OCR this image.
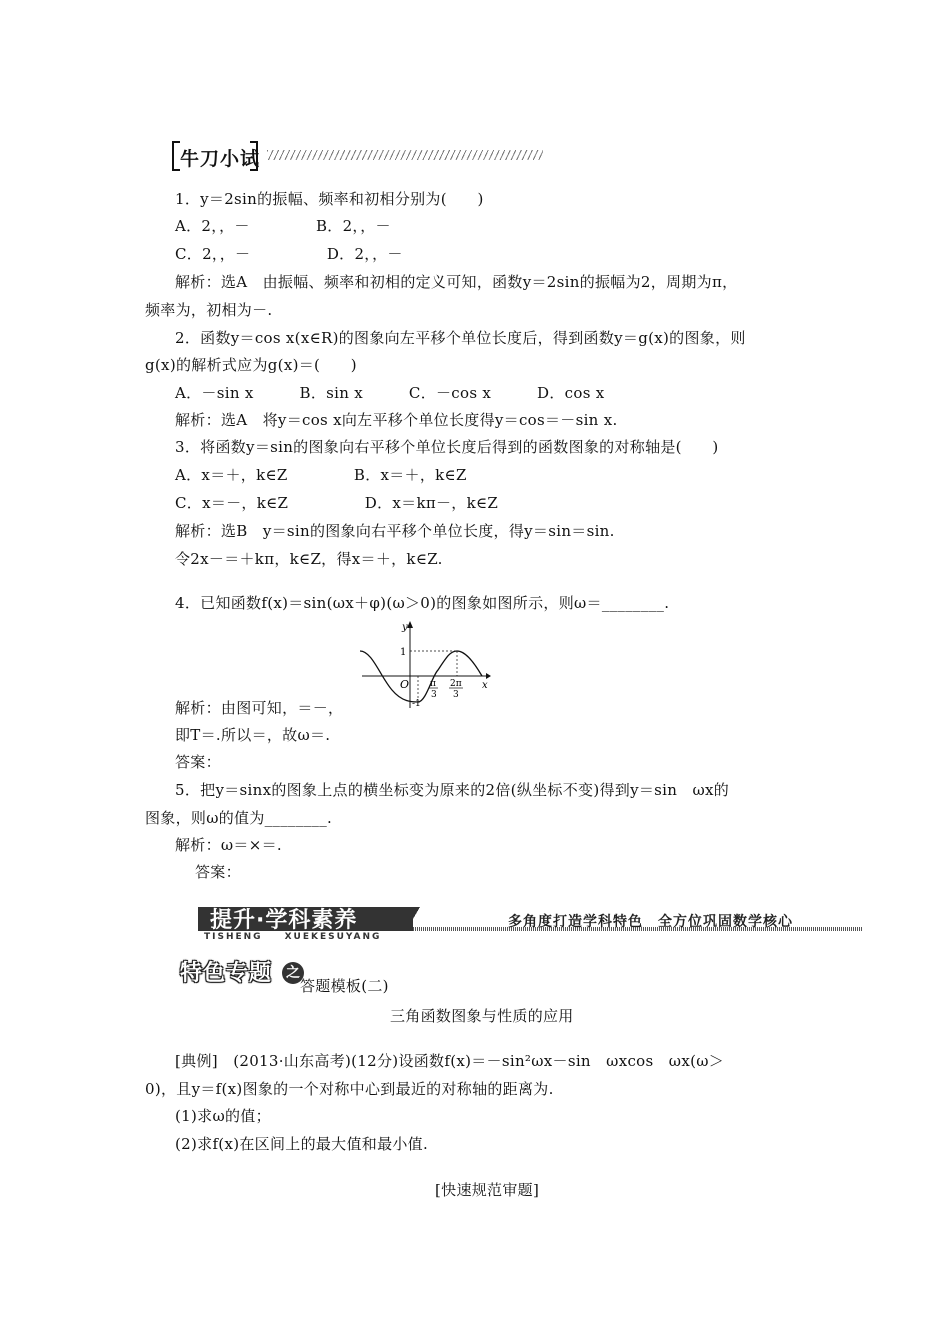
牛刀小试
1．y＝2sin的振幅、频率和初相分别为(　　)
A．2，，－　　　　 B．2，，－
C．2，，－　　　　　D．2，，－
解析：选A　由振幅、频率和初相的定义可知，函数y＝2sin的振幅为2，周期为π，
频率为，初相为－.
2．函数y＝cos x(x∈R)的图象向左平移个单位长度后，得到函数y＝g(x)的图象，则
g(x)的解析式应为g(x)＝(　　)
A．－sin x　　　B．sin x　　　C．－cos x　　　D．cos x
解析：选A　将y＝cos x向左平移个单位长度得y＝cos＝－sin x.
3．将函数y＝sin的图象向右平移个单位长度后得到的函数图象的对称轴是(　　)
A．x＝＋，k∈Z　　　　 B．x＝＋，k∈Z
C．x＝－，k∈Z　　　　　D．x＝kπ－，k∈Z
解析：选B　y＝sin的图象向右平移个单位长度，得y＝sin＝sin.
令2x－＝＋kπ，k∈Z，得x＝＋，k∈Z.
4．已知函数f(x)＝sin(ωx＋φ)(ω＞0)的图象如图所示，则ω＝________.
y
x
O
1
-1
π
3
2π
3
解析：由图可知，＝－，
即T＝.所以＝，故ω＝.
答案：
5．把y＝sinx的图象上点的横坐标变为原来的2倍(纵坐标不变)得到y＝sin　ωx的
图象，则ω的值为________.
解析：ω＝×＝.
答案：
提升·学科素养
TISHENG　　XUEKESUYANG
多角度打造学科特色　全方位巩固数学核心
特色专题 之
答题模板(二)
三角函数图象与性质的应用
[典例]　(2013·山东高考)(12分)设函数f(x)＝－sin²ωx－sin　ωxcos　ωx(ω＞
0)，且y＝f(x)图象的一个对称中心到最近的对称轴的距离为.
(1)求ω的值；
(2)求f(x)在区间上的最大值和最小值.
[快速规范审题]
